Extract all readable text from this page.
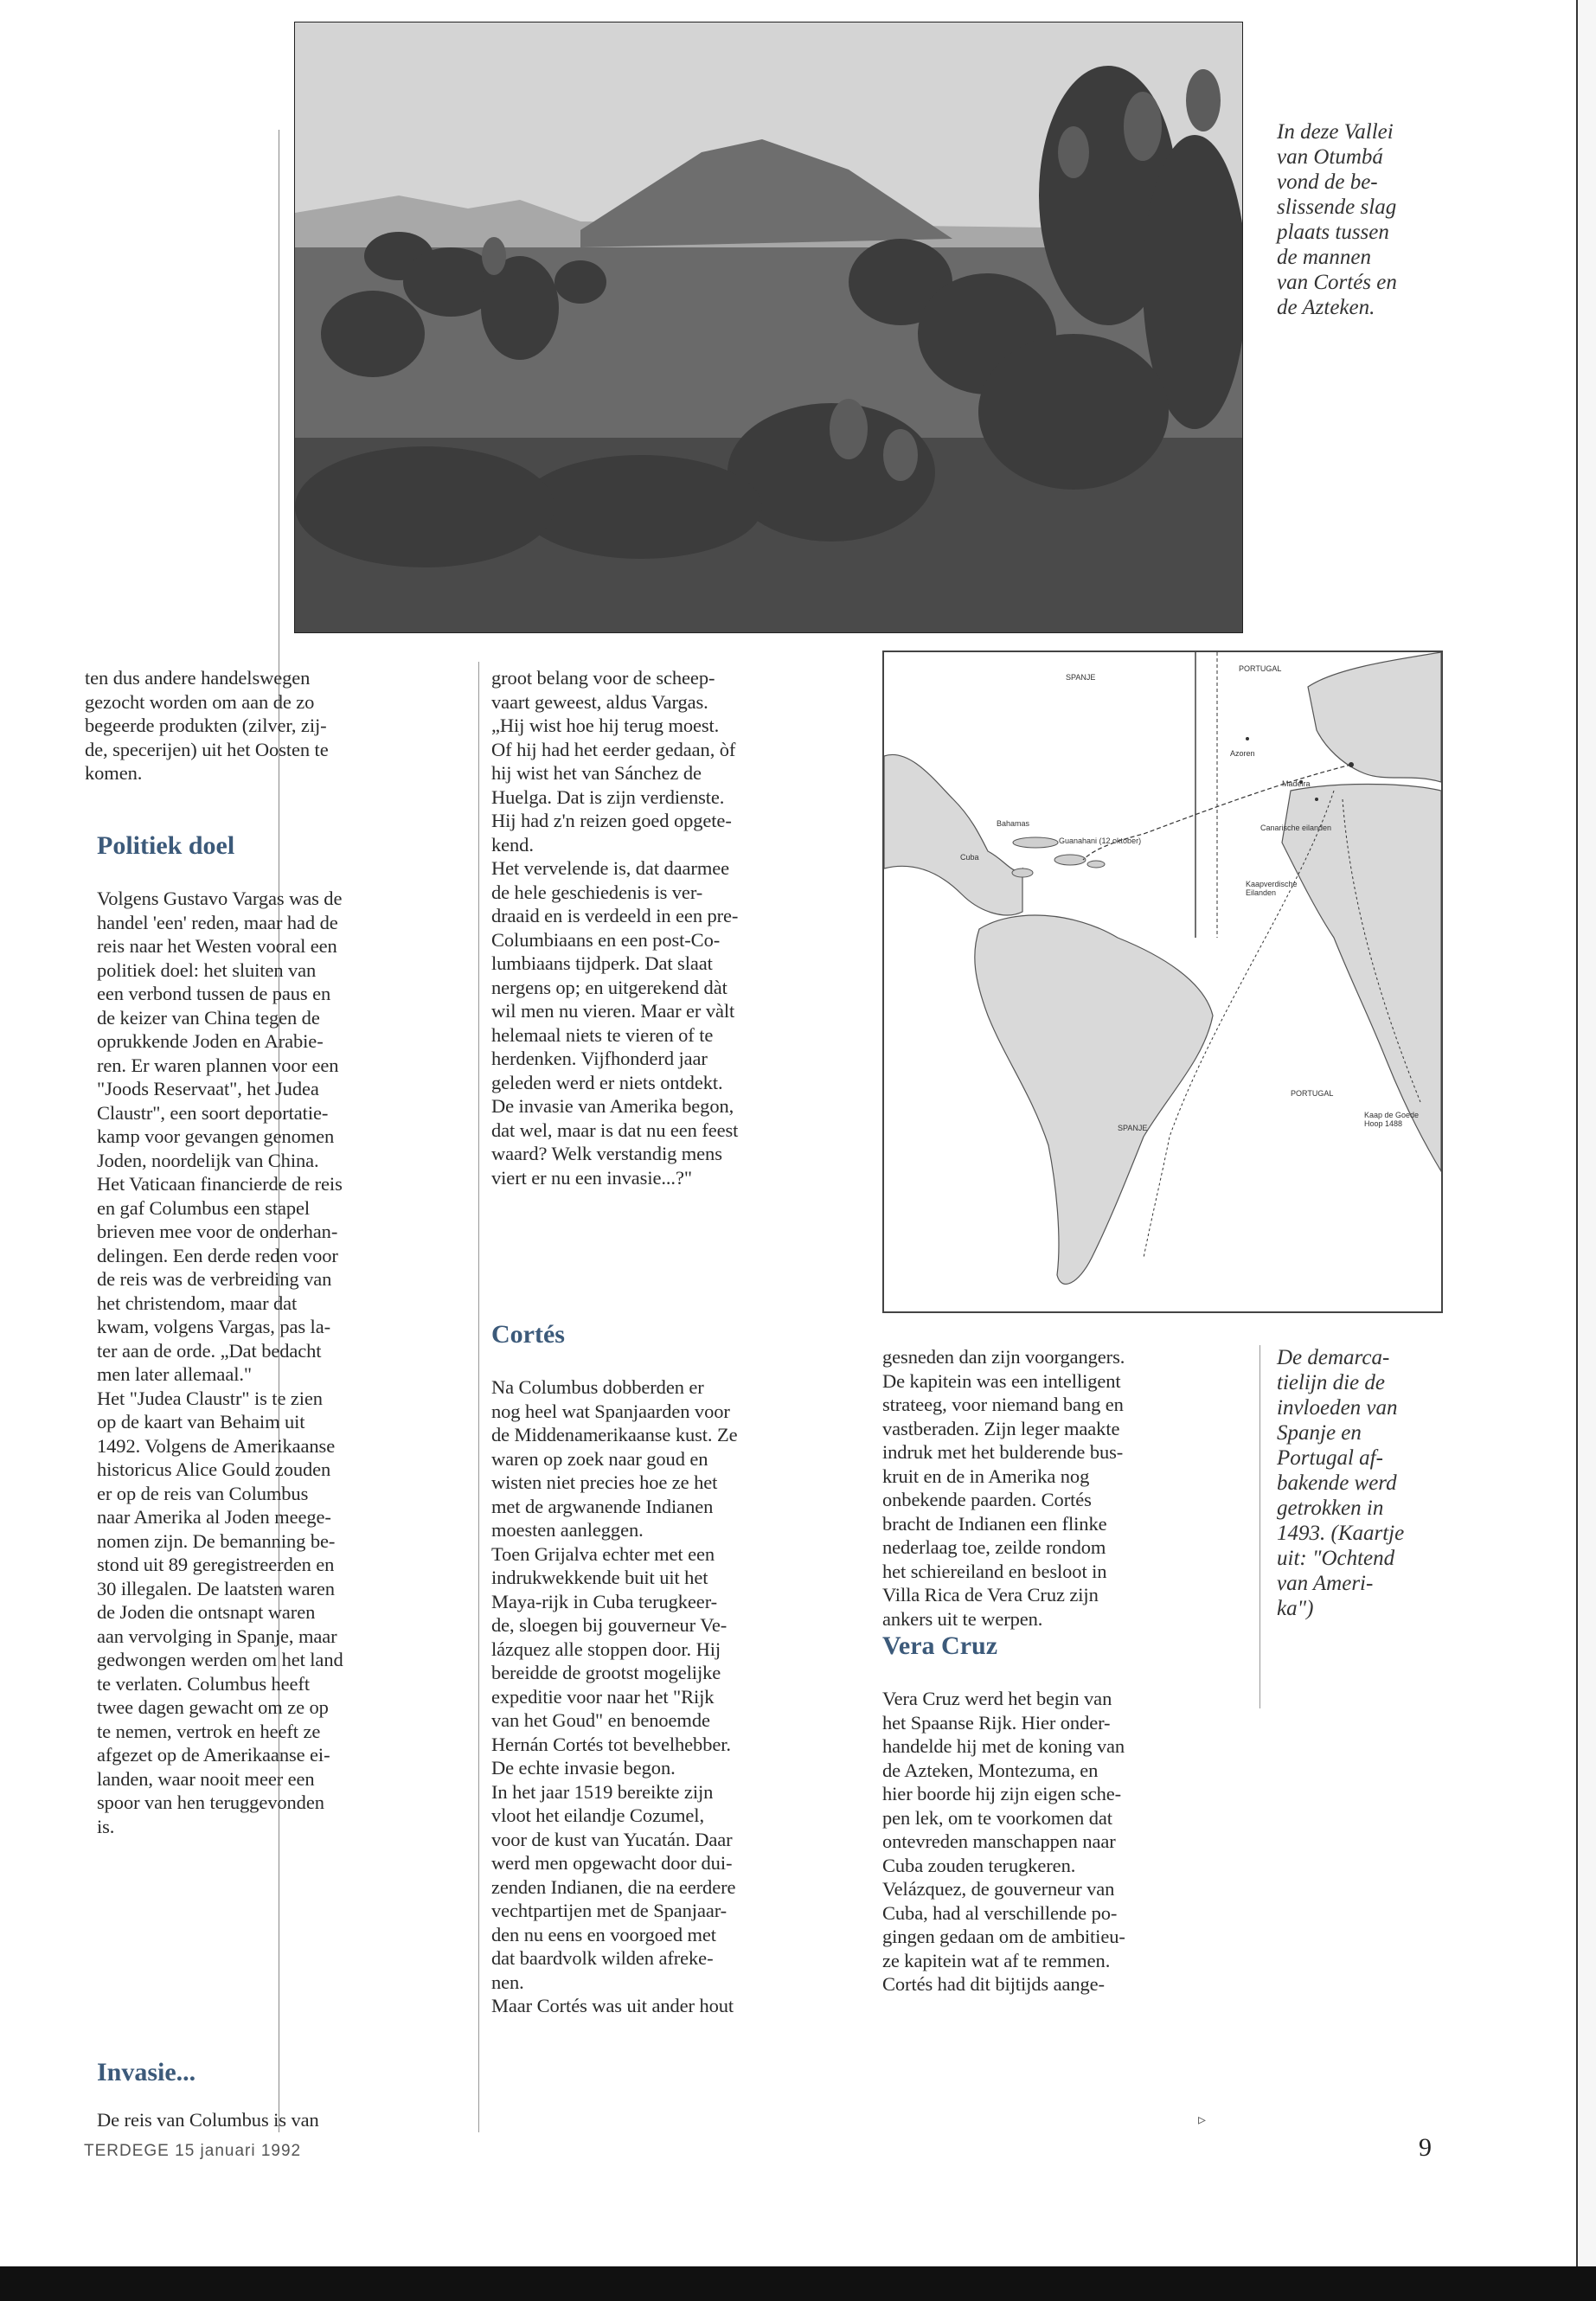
In deze Vallei
van Otumbá
vond de be-
slissende slag
plaats tussen
de mannen
van Cortés en
de Azteken.
ten dus andere handelswegen
gezocht worden om aan de zo
begeerde produkten (zilver, zij-
de, specerijen) uit het Oosten te
komen.
Politiek doel
Volgens Gustavo Vargas was de
handel 'een' reden, maar had de
reis naar het Westen vooral een
politiek doel: het sluiten van
een verbond tussen de paus en
de keizer van China tegen de
oprukkende Joden en Arabie-
ren. Er waren plannen voor een
"Joods Reservaat", het Judea
Claustr", een soort deportatie-
kamp voor gevangen genomen
Joden, noordelijk van China.
Het Vaticaan financierde de reis
en gaf Columbus een stapel
brieven mee voor de onderhan-
delingen. Een derde reden voor
de reis was de verbreiding van
het christendom, maar dat
kwam, volgens Vargas, pas la-
ter aan de orde. „Dat bedacht
men later allemaal."
Het "Judea Claustr" is te zien
op de kaart van Behaim uit
1492. Volgens de Amerikaanse
historicus Alice Gould zouden
er op de reis van Columbus
naar Amerika al Joden meege-
nomen zijn. De bemanning be-
stond uit 89 geregistreerden en
30 illegalen. De laatsten waren
de Joden die ontsnapt waren
aan vervolging in Spanje, maar
gedwongen werden om het land
te verlaten. Columbus heeft
twee dagen gewacht om ze op
te nemen, vertrok en heeft ze
afgezet op de Amerikaanse ei-
landen, waar nooit meer een
spoor van hen teruggevonden
is.
Invasie...
De reis van Columbus is van
groot belang voor de scheep-
vaart geweest, aldus Vargas.
„Hij wist hoe hij terug moest.
Of hij had het eerder gedaan, òf
hij wist het van Sánchez de
Huelga. Dat is zijn verdienste.
Hij had z'n reizen goed opgete-
kend.
Het vervelende is, dat daarmee
de hele geschiedenis is ver-
draaid en is verdeeld in een pre-
Columbiaans en een post-Co-
lumbiaans tijdperk. Dat slaat
nergens op; en uitgerekend dàt
wil men nu vieren. Maar er vàlt
helemaal niets te vieren of te
herdenken. Vijfhonderd jaar
geleden werd er niets ontdekt.
De invasie van Amerika begon,
dat wel, maar is dat nu een feest
waard? Welk verstandig mens
viert er nu een invasie...?"
Cortés
Na Columbus dobberden er
nog heel wat Spanjaarden voor
de Middenamerikaanse kust. Ze
waren op zoek naar goud en
wisten niet precies hoe ze het
met de argwanende Indianen
moesten aanleggen.
Toen Grijalva echter met een
indrukwekkende buit uit het
Maya-rijk in Cuba terugkeer-
de, sloegen bij gouverneur Ve-
lázquez alle stoppen door. Hij
bereidde de grootst mogelijke
expeditie voor naar het "Rijk
van het Goud" en benoemde
Hernán Cortés tot bevelhebber.
De echte invasie begon.
In het jaar 1519 bereikte zijn
vloot het eilandje Cozumel,
voor de kust van Yucatán. Daar
werd men opgewacht door dui-
zenden Indianen, die na eerdere
vechtpartijen met de Spanjaar-
den nu eens en voorgoed met
dat baardvolk wilden afreke-
nen.
Maar Cortés was uit ander hout
SPANJE
PORTUGAL
SPANJE
PORTUGAL
Bahamas
Cuba
Guanahani (12 oktober)
Azoren
Madeira
Canarische eilanden
Kaapverdische Eilanden
Kaap de Goede Hoop 1488
gesneden dan zijn voorgangers.
De kapitein was een intelligent
strateeg, voor niemand bang en
vastberaden. Zijn leger maakte
indruk met het bulderende bus-
kruit en de in Amerika nog
onbekende paarden. Cortés
bracht de Indianen een flinke
nederlaag toe, zeilde rondom
het schiereiland en besloot in
Villa Rica de Vera Cruz zijn
ankers uit te werpen.
Vera Cruz
Vera Cruz werd het begin van
het Spaanse Rijk. Hier onder-
handelde hij met de koning van
de Azteken, Montezuma, en
hier boorde hij zijn eigen sche-
pen lek, om te voorkomen dat
ontevreden manschappen naar
Cuba zouden terugkeren.
Velázquez, de gouverneur van
Cuba, had al verschillende po-
gingen gedaan om de ambitieu-
ze kapitein wat af te remmen.
Cortés had dit bijtijds aange-
▹
De demarca-
tielijn die de
invloeden van
Spanje en
Portugal af-
bakende werd
getrokken in
1493. (Kaartje
uit: "Ochtend
van Ameri-
ka")
TERDEGE 15 januari 1992	9
